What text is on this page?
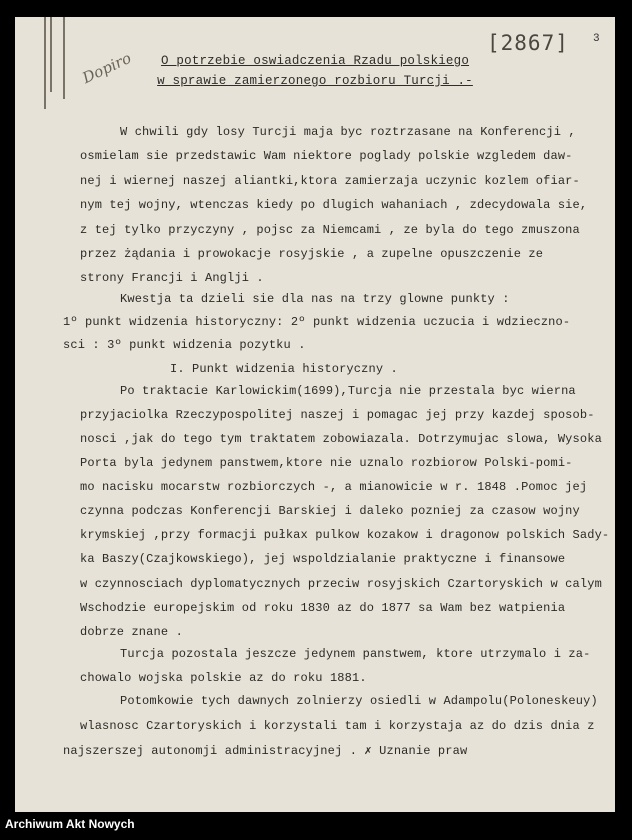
Dopiro
[2867] 3
O potrzebie oswiadczenia Rzadu polskiego
w sprawie zamierzonego rozbioru Turcji .-
W chwili gdy losy Turcji maja byc roztrzasane na Konferencji ,
osmielam sie przedstawic Wam niektore poglady polskie wzgledem daw-
nej i wiernej naszej aliantki,ktora zamierzaja uczynic kozlem ofiar-
nym tej wojny, wtenczas kiedy po dlugich wahaniach , zdecydowala sie,
z tej tylko przyczyny , pojsc za Niemcami , ze byla do tego zmuszona
przez żądania i prowokacje rosyjskie , a zupelne opuszczenie ze
strony Francji i Anglji .
Kwestja ta dzieli sie dla nas na trzy glowne punkty :
1º punkt widzenia historyczny: 2º punkt widzenia uczucia i wdzieczno-
sci : 3º punkt widzenia pozytku .
I. Punkt widzenia historyczny .
Po traktacie Karlowickim(1699),Turcja nie przestala byc wierna
przyjaciolka Rzeczypospolitej naszej i pomagac jej przy kazdej sposob-
nosci ,jak do tego tym traktatem zobowiazala. Dotrzymujac slowa, Wysoka
Porta byla jedynem panstwem,ktore nie uznalo rozbiorow Polski-pomi-
mo nacisku mocarstw rozbiorczych -, a mianowicie w r. 1848 .Pomoc jej
czynna podczas Konferencji Barskiej i daleko pozniej za czasow wojny
krymskiej ,przy formacji pułkax pulkow kozakow i dragonow polskich Sady-
ka Baszy(Czajkowskiego), jej wspoldzialanie praktyczne i finansowe
w czynnosciach dyplomatycznych przeciw rosyjskich Czartoryskich w calym
Wschodzie europejskim od roku 1830 az do 1877 sa Wam bez watpienia
dobrze znane .
Turcja pozostala jeszcze jedynem panstwem, ktore utrzymalo i za-
chowalo wojska polskie az do roku 1881.
Potomkowie tych dawnych zolnierzy osiedli w Adampolu(Poloneskeuy)
wlasnosc Czartoryskich i korzystali tam i korzystaja az do dzis dnia z
najszerszej autonomji administracyjnej . ✗ Uznanie praw
Archiwum Akt Nowych
